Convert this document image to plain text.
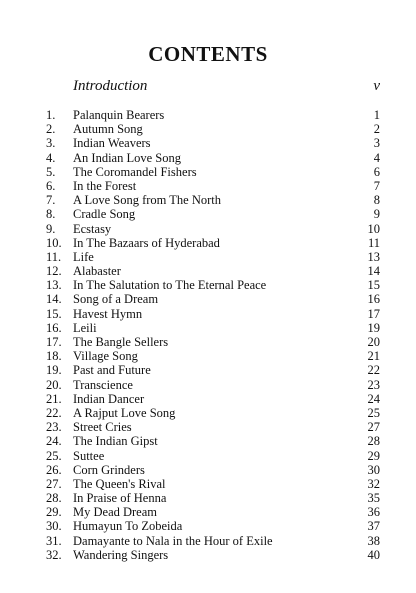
CONTENTS
Introduction	v
1.	Palanquin Bearers	1
2.	Autumn Song	2
3.	Indian Weavers	3
4.	An Indian Love Song	4
5.	The Coromandel Fishers	6
6.	In the Forest	7
7.	A Love Song from The North	8
8.	Cradle Song	9
9.	Ecstasy	10
10. In The Bazaars of Hyderabad	11
11. Life	13
12. Alabaster	14
13. In The Salutation to The Eternal Peace	15
14. Song of a Dream	16
15. Havest Hymn	17
16. Leili	19
17. The Bangle Sellers	20
18. Village Song	21
19. Past and Future	22
20. Transcience	23
21. Indian Dancer	24
22. A Rajput Love Song	25
23. Street Cries	27
24. The Indian Gipst	28
25. Suttee	29
26. Corn Grinders	30
27. The Queen's Rival	32
28. In Praise of Henna	35
29. My Dead Dream	36
30. Humayun To Zobeida	37
31. Damayante to Nala in the Hour of Exile	38
32. Wandering Singers	40
